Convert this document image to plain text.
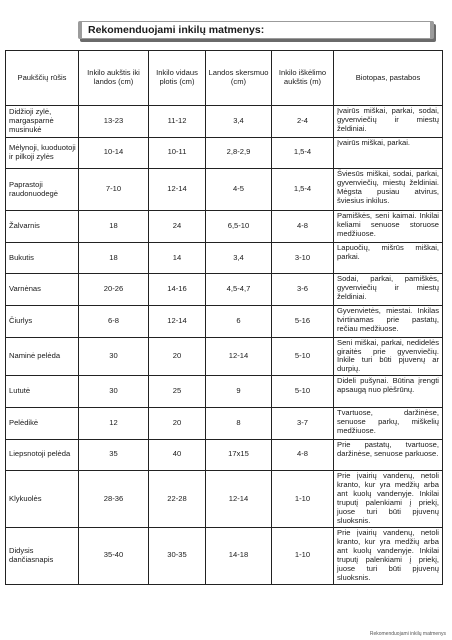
Rekomenduojami inkilų matmenys:
Paukščių rūšis	Inkilo aukštis iki landos (cm)	Inkilo vidaus plotis (cm)	Landos skersmuo (cm)	Inkilo iškėlimo aukštis (m)	Biotopas, pastabos
Didžioji zylė, margasparnė musinukė	13-23	11-12	3,4	2-4	Įvairūs miškai, parkai, sodai, gyvenviečių ir miestų želdiniai.
Mėlynoji, kuoduotoji ir pilkoji zylės	10-14	10-11	2,8-2,9	1,5-4	Įvairūs miškai, parkai.
Paprastoji raudonuodegė	7-10	12-14	4-5	1,5-4	Šviesūs miškai, sodai, parkai, gyvenviečių, miestų želdiniai. Mėgsta pusiau atvirus, šviesius inkilus.
Žalvarnis	18	24	6,5-10	4-8	Pamiškės, seni kaimai. Inkilai keliami senuose storuose medžiuose.
Bukutis	18	14	3,4	3-10	Lapuočių, mišrūs miškai, parkai.
Varnėnas	20-26	14-16	4,5-4,7	3-6	Sodai, parkai, pamiškės, gyvenviečių ir miestų želdiniai.
Čiurlys	6-8	12-14	6	5-16	Gyvenvietės, miestai. Inkilas tvirtinamas prie pastatų, rečiau medžiuose.
Naminė pelėda	30	20	12-14	5-10	Seni miškai, parkai, nedidelės giraitės prie gyvenviečių. Inkile turi būti pjuvenų ar durpių.
Lututė	30	25	9	5-10	Dideli pušynai. Būtina įrengti apsaugą nuo plėšrūnų.
Pelėdikė	12	20	8	3-7	Tvartuose, daržinėse, senuose parkų, miškelių medžiuose.
Liepsnotoji pelėda	35	40	17x15	4-8	Prie pastatų, tvartuose, daržinėse, senuose parkuose.
Klykuolės	28-36	22-28	12-14	1-10	Prie įvairių vandenų, netoli kranto, kur yra medžių arba ant kuolų vandenyje. Inkilai truputį palenkiami į priekį, juose turi būti pjuvenų sluoksnis.
Didysis dančiasnapis	35-40	30-35	14-18	1-10	Prie įvairių vandenų, netoli kranto, kur yra medžių arba ant kuolų vandenyje. Inkilai truputį palenkiami į priekį, juose turi būti pjuvenų sluoksnis.
Rekomenduojami inkilų matmenys
